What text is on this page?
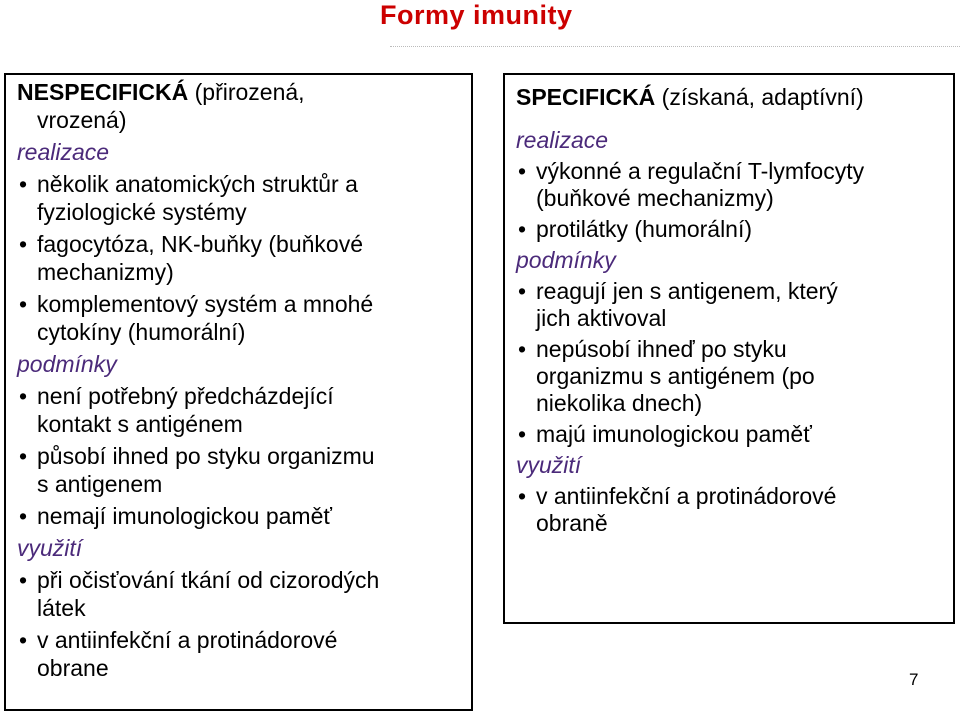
Formy imunity
NESPECIFICKÁ (přirozená,
vrozená)
realizace
• několik anatomických struktůr a
fyziologické systémy
• fagocytóza, NK-buňky (buňkové
mechanizmy)
• komplementový systém a mnohé
cytokíny (humorální)
podmínky
• není potřebný předcházdející
kontakt s antigénem
• působí ihned po styku organizmu
s antigenem
• nemají imunologickou paměť
využití
• při očisťování tkání od cizorodých
látek
• v antiinfekční a protinádorové
obrane
SPECIFICKÁ (získaná, adaptívní)
realizace
• výkonné a regulační T-lymfocyty
(buňkové mechanizmy)
• protilátky (humorální)
podmínky
• reagují jen s antigenem, který
jich aktivoval
• nepúsobí ihneď po styku
organizmu s antigénem (po
niekolika dnech)
• majú imunologickou paměť
využití
• v antiinfekční a protinádorové
obraně
7
